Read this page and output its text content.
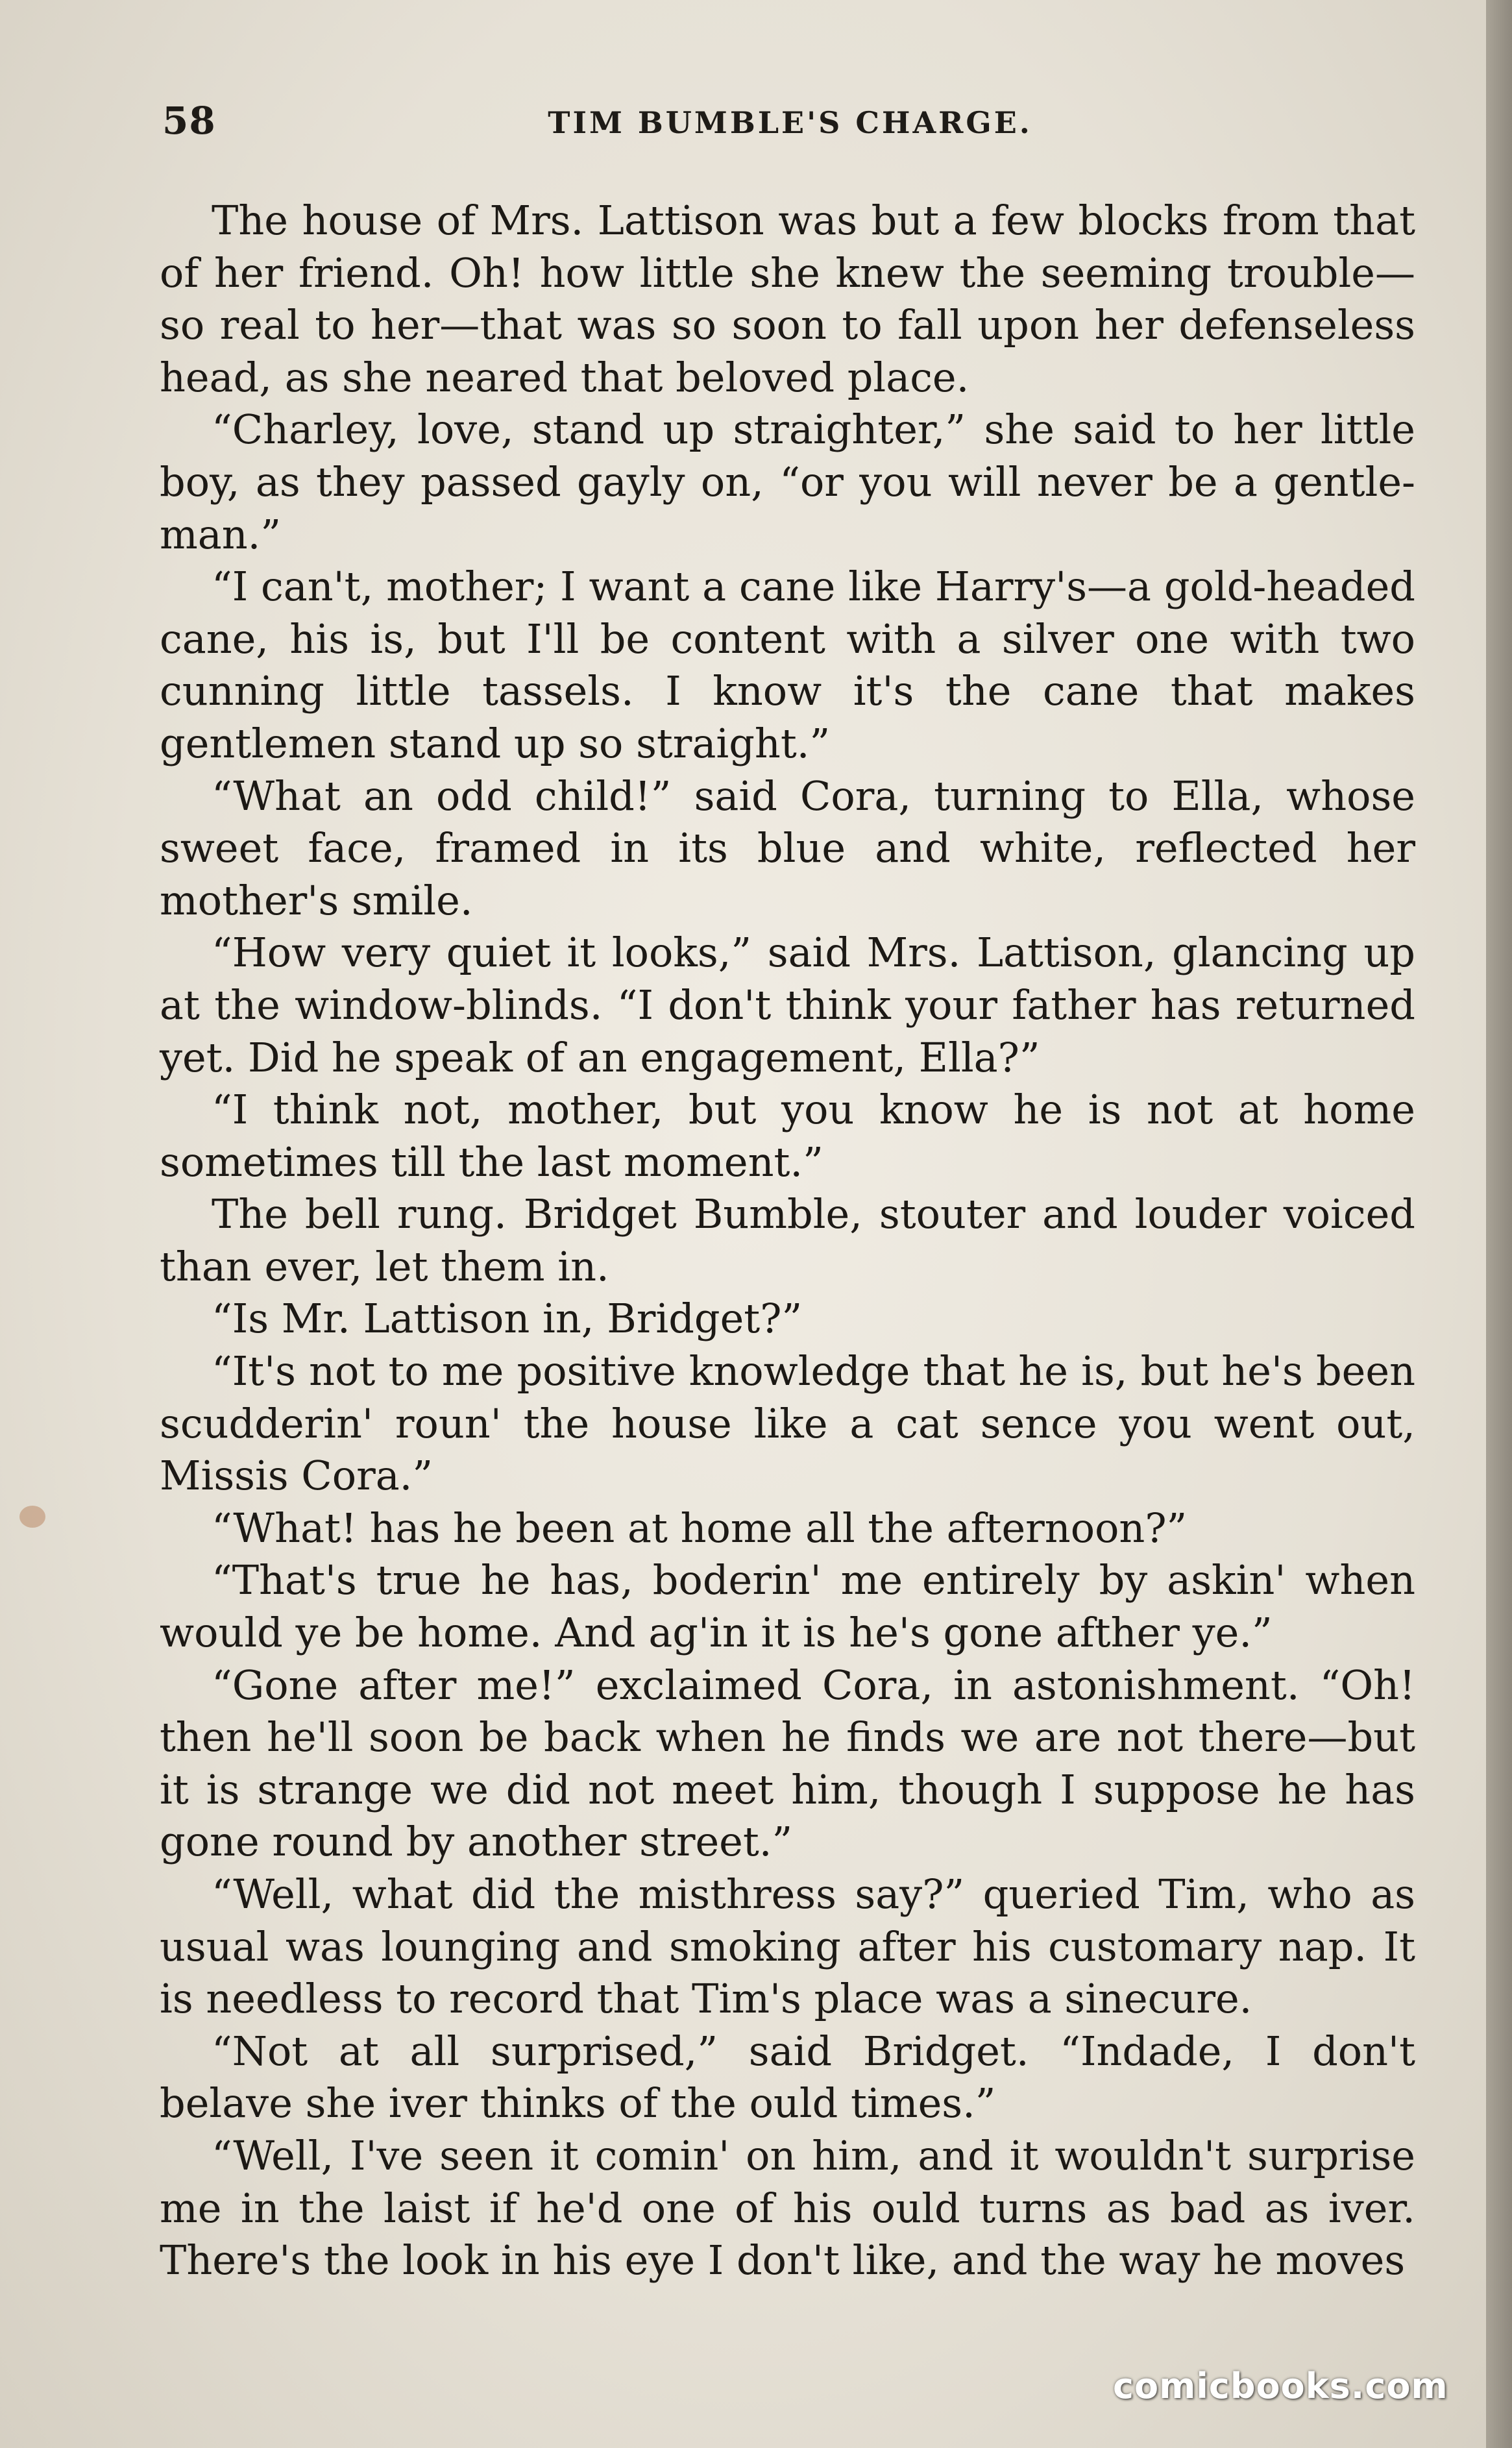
58	TIM BUMBLE'S CHARGE.

The house of Mrs. Lattison was but a few blocks from that of her friend. Oh! how little she knew the seeming trouble—so real to her—that was so soon to fall upon her defenseless head, as she neared that beloved place.

“Charley, love, stand up straighter,” she said to her little boy, as they passed gayly on, “or you will never be a gentleman.”

“I can't, mother; I want a cane like Harry's—a gold-headed cane, his is, but I'll be content with a silver one with two cunning little tassels. I know it's the cane that makes gentlemen stand up so straight.”

“What an odd child!” said Cora, turning to Ella, whose sweet face, framed in its blue and white, reflected her mother's smile.

“How very quiet it looks,” said Mrs. Lattison, glancing up at the window-blinds. “I don't think your father has returned yet. Did he speak of an engagement, Ella?”

“I think not, mother, but you know he is not at home sometimes till the last moment.”

The bell rung. Bridget Bumble, stouter and louder voiced than ever, let them in.

“Is Mr. Lattison in, Bridget?”

“It's not to me positive knowledge that he is, but he's been scudderin' roun' the house like a cat sence you went out, Missis Cora.”

“What! has he been at home all the afternoon?”

“That's true he has, boderin' me entirely by askin' when would ye be home. And ag'in it is he's gone afther ye.”

“Gone after me!” exclaimed Cora, in astonishment. “Oh! then he'll soon be back when he finds we are not there—but it is strange we did not meet him, though I suppose he has gone round by another street.”

“Well, what did the misthress say?” queried Tim, who as usual was lounging and smoking after his customary nap. It is needless to record that Tim's place was a sinecure.

“Not at all surprised,” said Bridget. “Indade, I don't belave she iver thinks of the ould times.”

“Well, I've seen it comin' on him, and it wouldn't surprise me in the laist if he'd one of his ould turns as bad as iver. There's the look in his eye I don't like, and the way he moves

comicbooks.com
